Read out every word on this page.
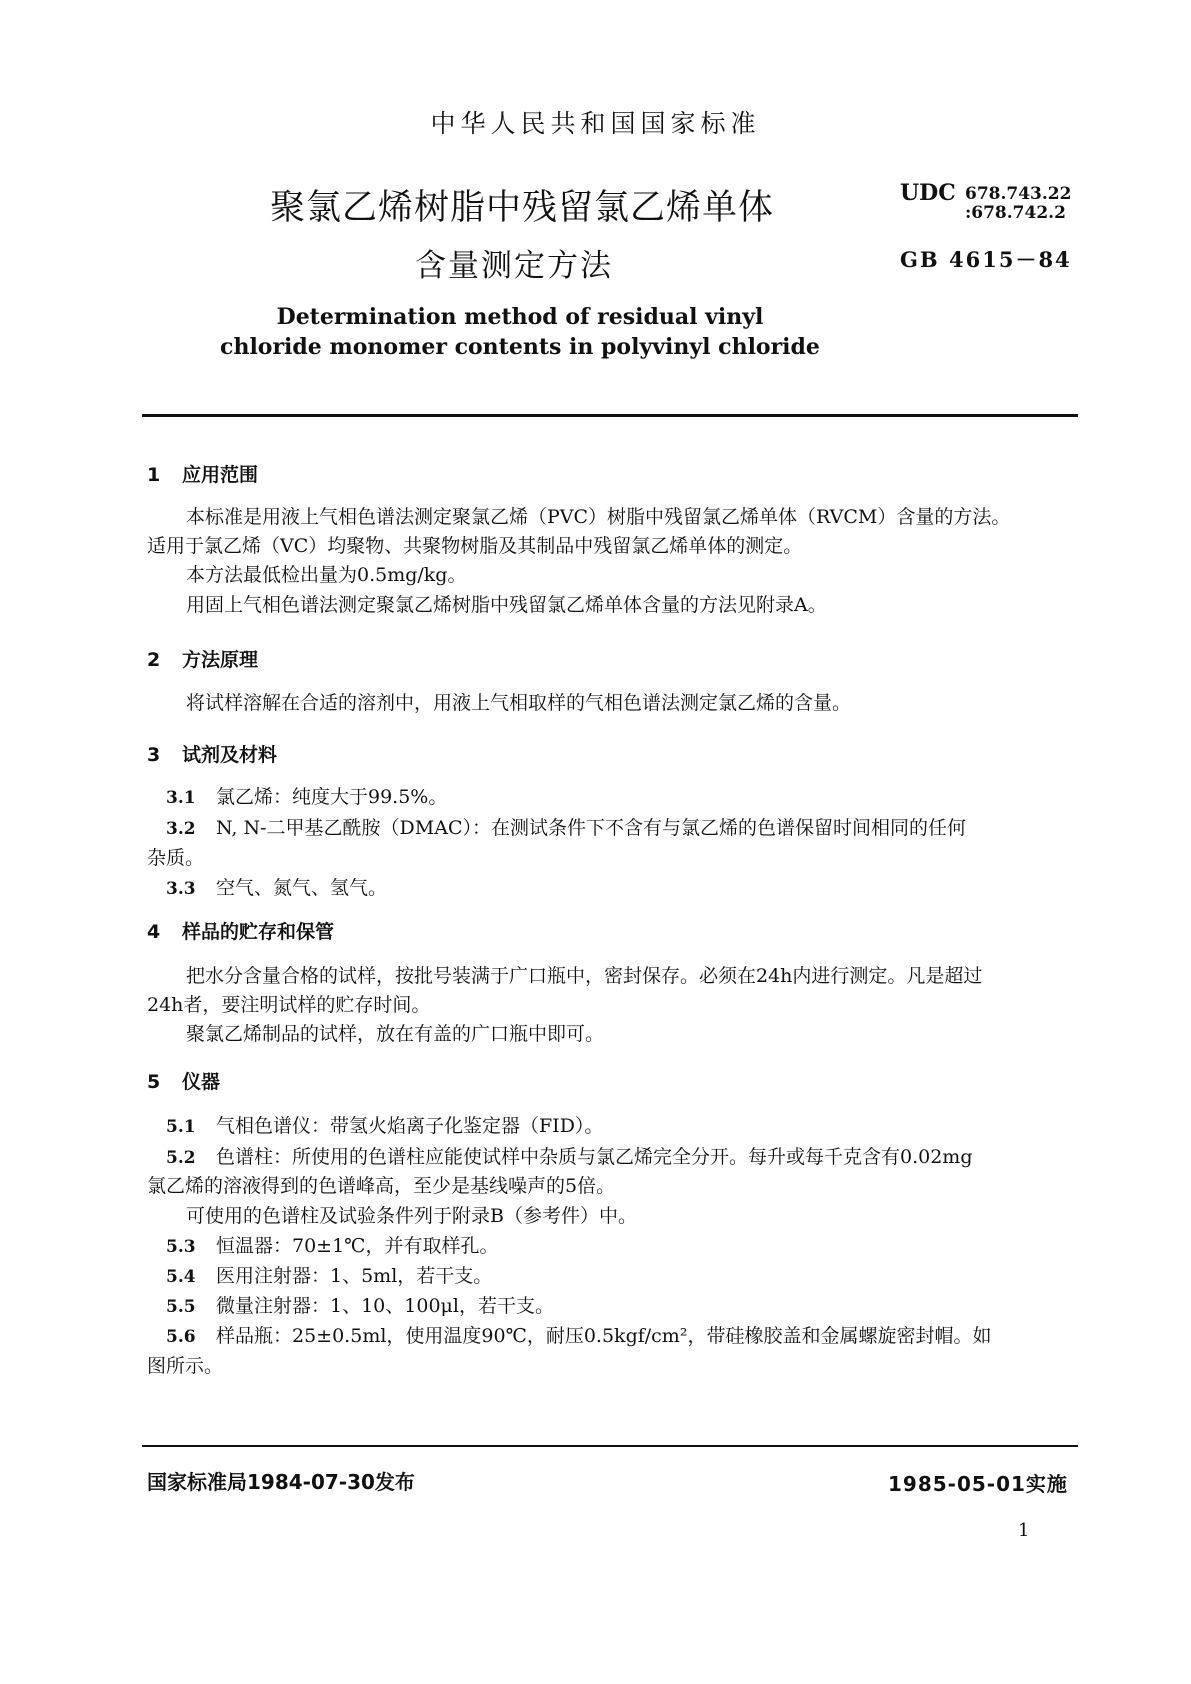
中华人民共和国国家标准
聚氯乙烯树脂中残留氯乙烯单体
含量测定方法
Determination method of residual vinyl
chloride monomer contents in polyvinyl chloride
UDC 678.743.22
:678.742.2
GB 4615－84
1 应用范围
本标准是用液上气相色谱法测定聚氯乙烯（PVC）树脂中残留氯乙烯单体（RVCM）含量的方法。
适用于氯乙烯（VC）均聚物、共聚物树脂及其制品中残留氯乙烯单体的测定。
本方法最低检出量为0.5mg/kg。
用固上气相色谱法测定聚氯乙烯树脂中残留氯乙烯单体含量的方法见附录A。
2 方法原理
将试样溶解在合适的溶剂中，用液上气相取样的气相色谱法测定氯乙烯的含量。
3 试剂及材料
3.1 氯乙烯：纯度大于99.5%。
3.2 N, N-二甲基乙酰胺（DMAC）：在测试条件下不含有与氯乙烯的色谱保留时间相同的任何
杂质。
3.3 空气、氮气、氢气。
4 样品的贮存和保管
把水分含量合格的试样，按批号装满于广口瓶中，密封保存。必须在24h内进行测定。凡是超过
24h者，要注明试样的贮存时间。
聚氯乙烯制品的试样，放在有盖的广口瓶中即可。
5 仪器
5.1 气相色谱仪：带氢火焰离子化鉴定器（FID）。
5.2 色谱柱：所使用的色谱柱应能使试样中杂质与氯乙烯完全分开。每升或每千克含有0.02mg
氯乙烯的溶液得到的色谱峰高，至少是基线噪声的5倍。
可使用的色谱柱及试验条件列于附录B（参考件）中。
5.3 恒温器：70±1℃，并有取样孔。
5.4 医用注射器：1、5ml，若干支。
5.5 微量注射器：1、10、100μl，若干支。
5.6 样品瓶：25±0.5ml，使用温度90℃，耐压0.5kgf/cm²，带硅橡胶盖和金属螺旋密封帽。如
图所示。
国家标准局1984-07-30发布	1985-05-01实施
1
